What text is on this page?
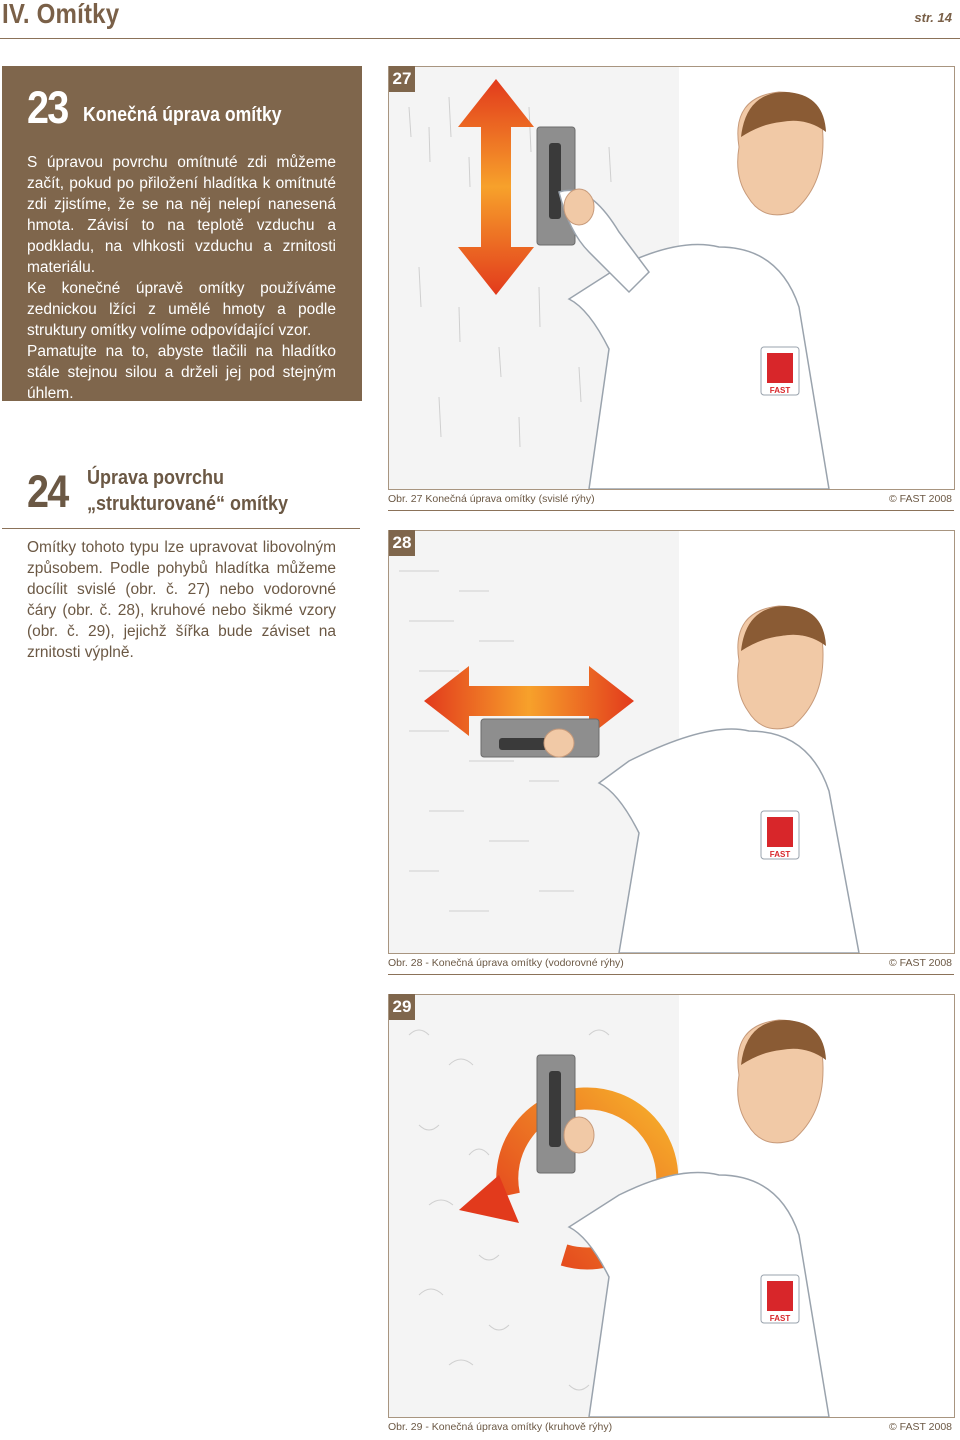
IV. Omítky	str. 14
23 Konečná úprava omítky

S úpravou povrchu omítnuté zdi můžeme začít, pokud po přiložení hladítka k omítnuté zdi zjistíme, že se na něj nelepí nanesená hmota. Závisí to na teplotě vzduchu a podkladu, na vlhkosti vzduchu a zrnitosti materiálu.

Ke konečné úpravě omítky používáme zednickou lžíci z umělé hmoty a podle struktury omítky volíme odpovídající vzor.

Pamatujte na to, abyste tlačili na hladítko stále stejnou silou a drželi jej pod stejným úhlem.

24 Úprava povrchu
„strukturované“ omítky
Omítky tohoto typu lze upravovat libovolným způsobem. Podle pohybů hladítka můžeme docílit svislé (obr. č. 27) nebo vodorovné čáry (obr. č. 28), kruhové nebo šikmé vzory (obr. č. 29), jejichž šířka bude záviset na zrnitosti výplně.
FAST
27
Obr. 27 Konečná úprava omítky (svislé rýhy)	© FAST 2008
FAST
28
Obr. 28 - Konečná úprava omítky (vodorovné rýhy)	© FAST 2008
FAST
29
Obr. 29 - Konečná úprava omítky (kruhově rýhy)	© FAST 2008
